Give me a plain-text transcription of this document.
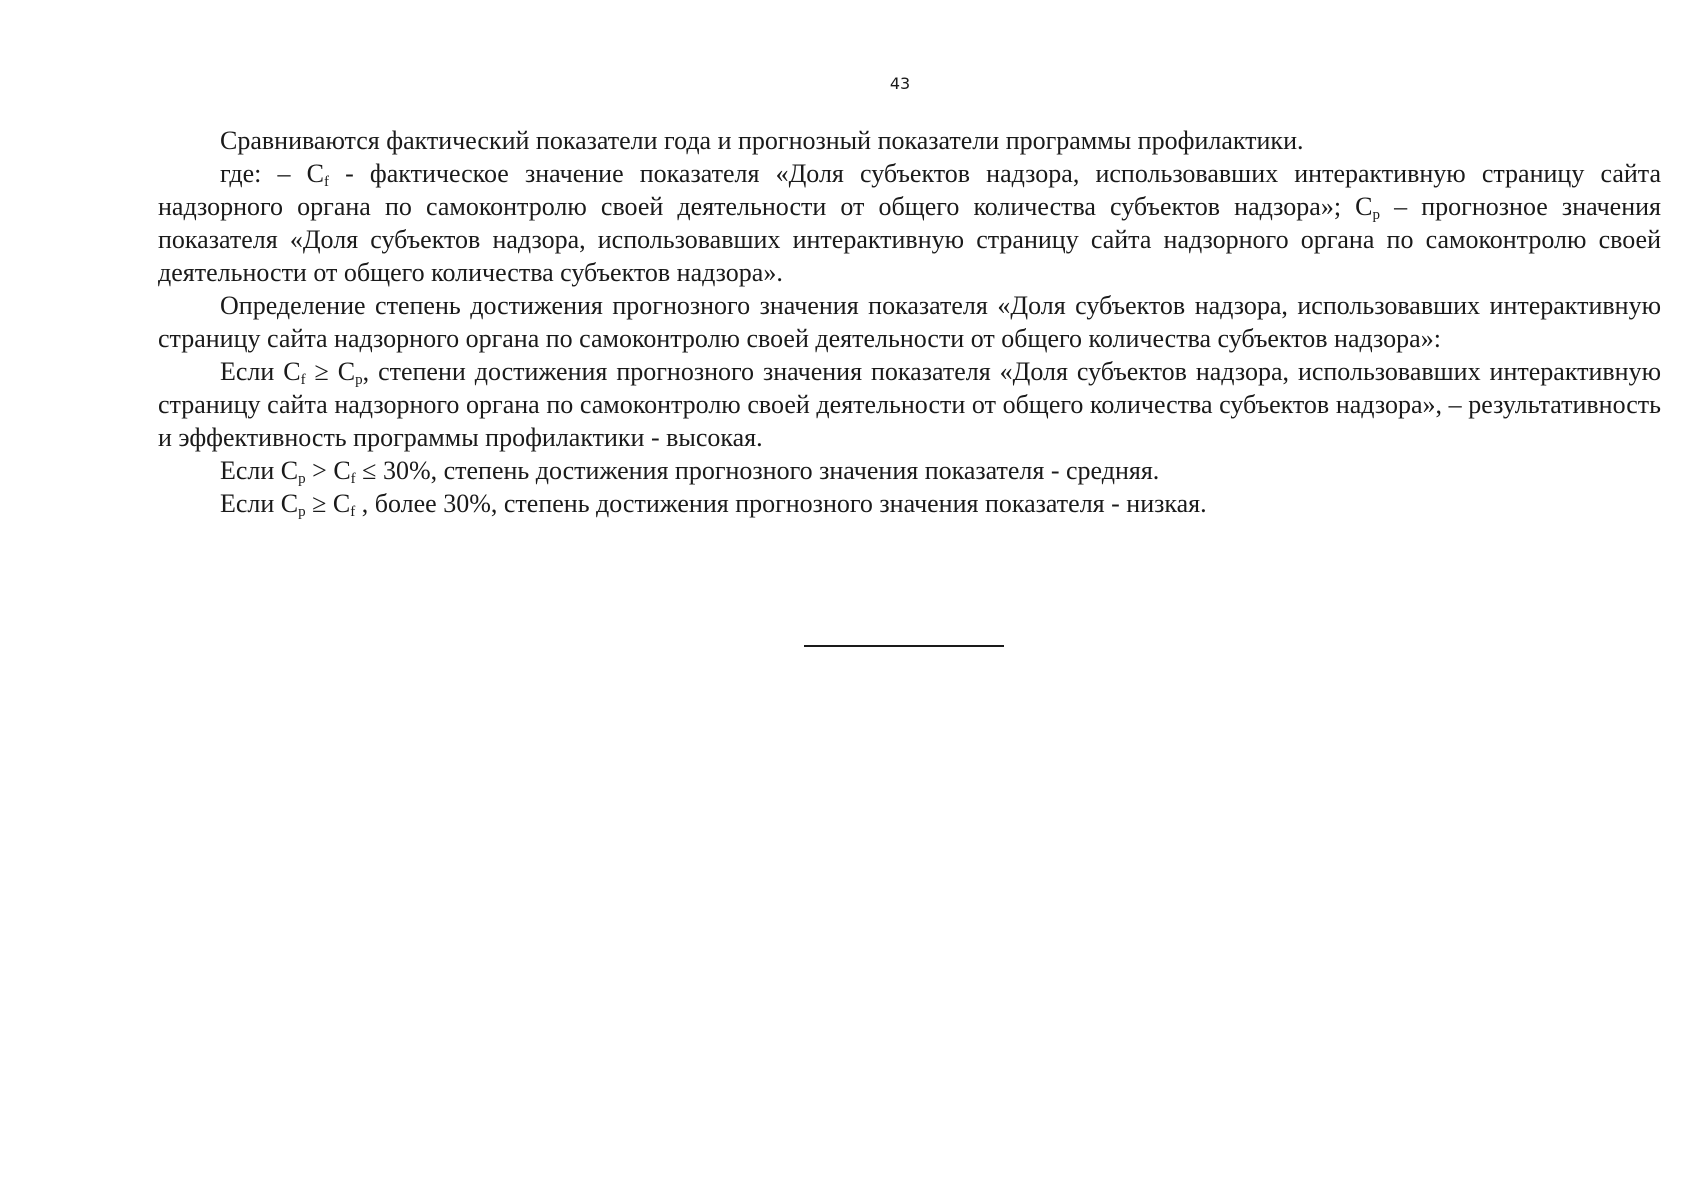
43

Сравниваются фактический показатели года и прогнозный показатели программы профилактики.

где: – $C_f$ - фактическое значение показателя «Доля субъектов надзора, использовавших интерактивную страницу сайта надзорного органа по самоконтролю своей деятельности от общего количества субъектов надзора»; $C_p$ – прогнозное значения показателя «Доля субъектов надзора, использовавших интерактивную страницу сайта надзорного органа по самоконтролю своей деятельности от общего количества субъектов надзора».

Определение степень достижения прогнозного значения показателя «Доля субъектов надзора, использовавших интерактивную страницу сайта надзорного органа по самоконтролю своей деятельности от общего количества субъектов надзора»:

Если $C_f \ge C_p$, степени достижения прогнозного значения показателя «Доля субъектов надзора, использовавших интерактивную страницу сайта надзорного органа по самоконтролю своей деятельности от общего количества субъектов надзора», – результативность и эффективность программы профилактики - высокая.

Если $C_p > C_f \le 30\%$, степень достижения прогнозного значения показателя - средняя.

Если $C_p \ge C_f$ , более 30%, степень достижения прогнозного значения показателя - низкая.
